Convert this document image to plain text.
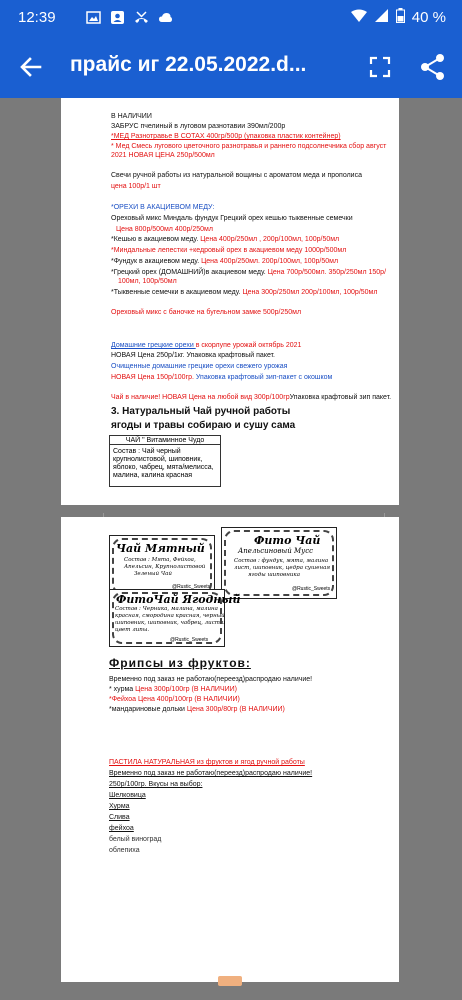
12:39	40 %
прайс иг 22.05.2022.d...
В НАЛИЧИИ
ЗАБРУС пчелиный в луговом разнотавии 390мл/200р
*МЕД Разнотравье В СОТАХ 400гр/500р (упаковка пластик контейнер)
* Мед Смесь лугового цветочного разнотравья и раннего подсолнечника сбор август
2021 НОВАЯ ЦЕНА 250р/500мл
Свечи ручной работы из натуральной вощины с ароматом меда и прополиса
цена 100р/1 шт
*ОРЕХИ В АКАЦИЕВОМ МЕДУ:
Ореховый микс Миндаль фундук Грецкий орех кешью тыквенные семечки
Цена 800р/500мл 400р/250мл
*Кешью в акациевом меду. Цена 400р/250мл , 200р/100мл, 100р/50мл
*Миндальные лепестки +кедровый орех в акациевом меду 1000р/500мл
*Фундук в акациевом меду. Цена 400р/250мл. 200р/100мл, 100р/50мл
*Грецкий орех (ДОМАШНИЙ)в акациевом меду. Цена 700р/500мл. 350р/250мл 150р/
100мл, 100р/50мл
*Тыквенные семечки в акациевом меду. Цена 300р/250мл 200р/100мл, 100р/50мл
Ореховый микс с баночке на бугельном замке 500р/250мл
Домашние грецкие орехи в скорлупе урожай октябрь 2021
НОВАЯ Цена 250р/1кг. Упаковка крафтовый пакет.
Очищенные домашние грецкие орехи свежего урожая
НОВАЯ Цена 150р/100гр. Упаковка крафтовый зип-пакет с окошком
Чай в наличие! НОВАЯ Цена на любой вид 300р/100грУпаковка крафтовый зип пакет.
3. Натуральный Чай ручной работы
ягоды и травы собираю и сушу сама
ЧАЙ " Витаминное Чудо
Состав : Чай черный
крупнолистовой, шиповник,
яблоко, чабрец, мята/мелисса,
малина, калина красная
Чай Мятный
Состав : Мята, Фейхоа,
Апельсин, Крупнолистовой
Зеленый Чай
@Rustic_Sweets
Фито Чай
Апельсиновый Мусс
Состав : фундук, мята, малина
лист, шиповник, цедра сушеная
ягоды шиповника
@Rustic_Sweets
ФитоЧай Ягодный
Состав : Черника, малина, малина
красная, смородина красная, черный
шиповник, шиповник, чабрец, лист и
цвет липы.
@Rustic_Sweets
Фрипсы из фруктов:
Временно под заказ не работаю(переезд)распродаю наличие!
* хурма Цена 300р/100гр (В НАЛИЧИИ)
*Фейхоа Цена 400р/100гр (В НАЛИЧИИ)
*мандариновые дольки Цена 300р/80гр (В НАЛИЧИИ)
ПАСТИЛА НАТУРАЛЬНАЯ из фруктов и ягод ручной работы
Временно под заказ не работаю(переезд)распродаю наличие!
250р/100гр. Вкусы на выбор:
Шелковица
Хурма
Слива
фейхоа
белый виноград
облепиха
